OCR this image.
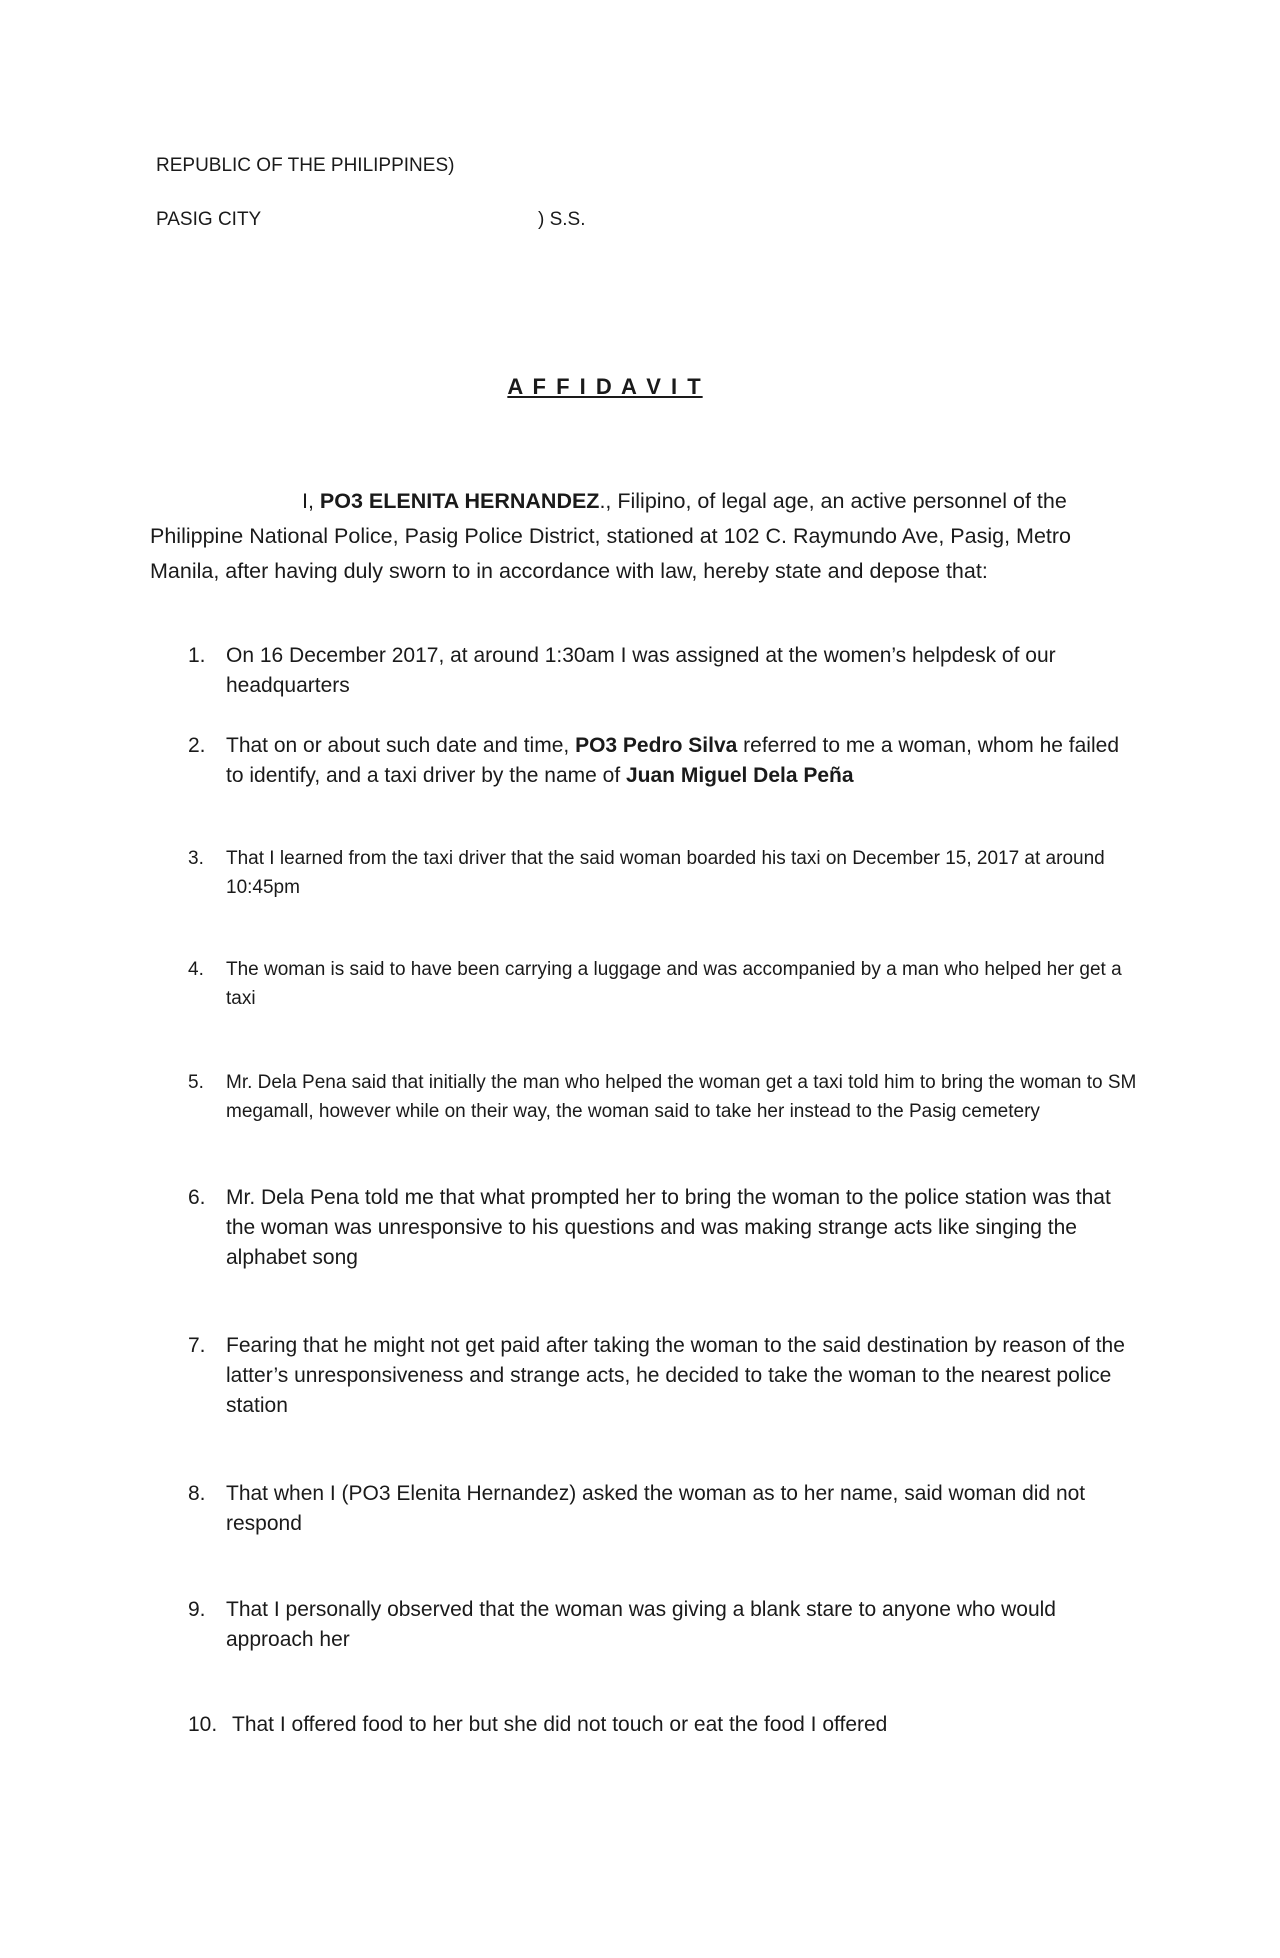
REPUBLIC OF THE PHILIPPINES)
PASIG CITY	) S.S.
A F F I D A V I T
I, PO3 ELENITA HERNANDEZ., Filipino, of legal age, an active personnel of the Philippine National Police, Pasig Police District, stationed at 102 C. Raymundo Ave, Pasig, Metro Manila, after having duly sworn to in accordance with law, hereby state and depose that:
1. On 16 December 2017, at around 1:30am I was assigned at the women’s helpdesk of our headquarters
2. That on or about such date and time, PO3 Pedro Silva referred to me a woman, whom he failed to identify, and a taxi driver by the name of Juan Miguel Dela Peña
3.	That I learned from the taxi driver that the said woman boarded his taxi on December 15, 2017 at around 10:45pm
4.	The woman is said to have been carrying a luggage and was accompanied by a man who helped her get a taxi
5.	Mr. Dela Pena said that initially the man who helped the woman get a taxi told him to bring the woman to SM megamall, however while on their way, the woman said to take her instead to the Pasig cemetery
6. Mr. Dela Pena told me that what prompted her to bring the woman to the police station was that the woman was unresponsive to his questions and was making strange acts like singing the alphabet song
7. Fearing that he might not get paid after taking the woman to the said destination by reason of the latter’s unresponsiveness and strange acts, he decided to take the woman to the nearest police station
8. That when I (PO3 Elenita Hernandez) asked the woman as to her name, said woman did not respond
9. That I personally observed that the woman was giving a blank stare to anyone who would approach her
10. That I offered food to her but she did not touch or eat the food I offered
